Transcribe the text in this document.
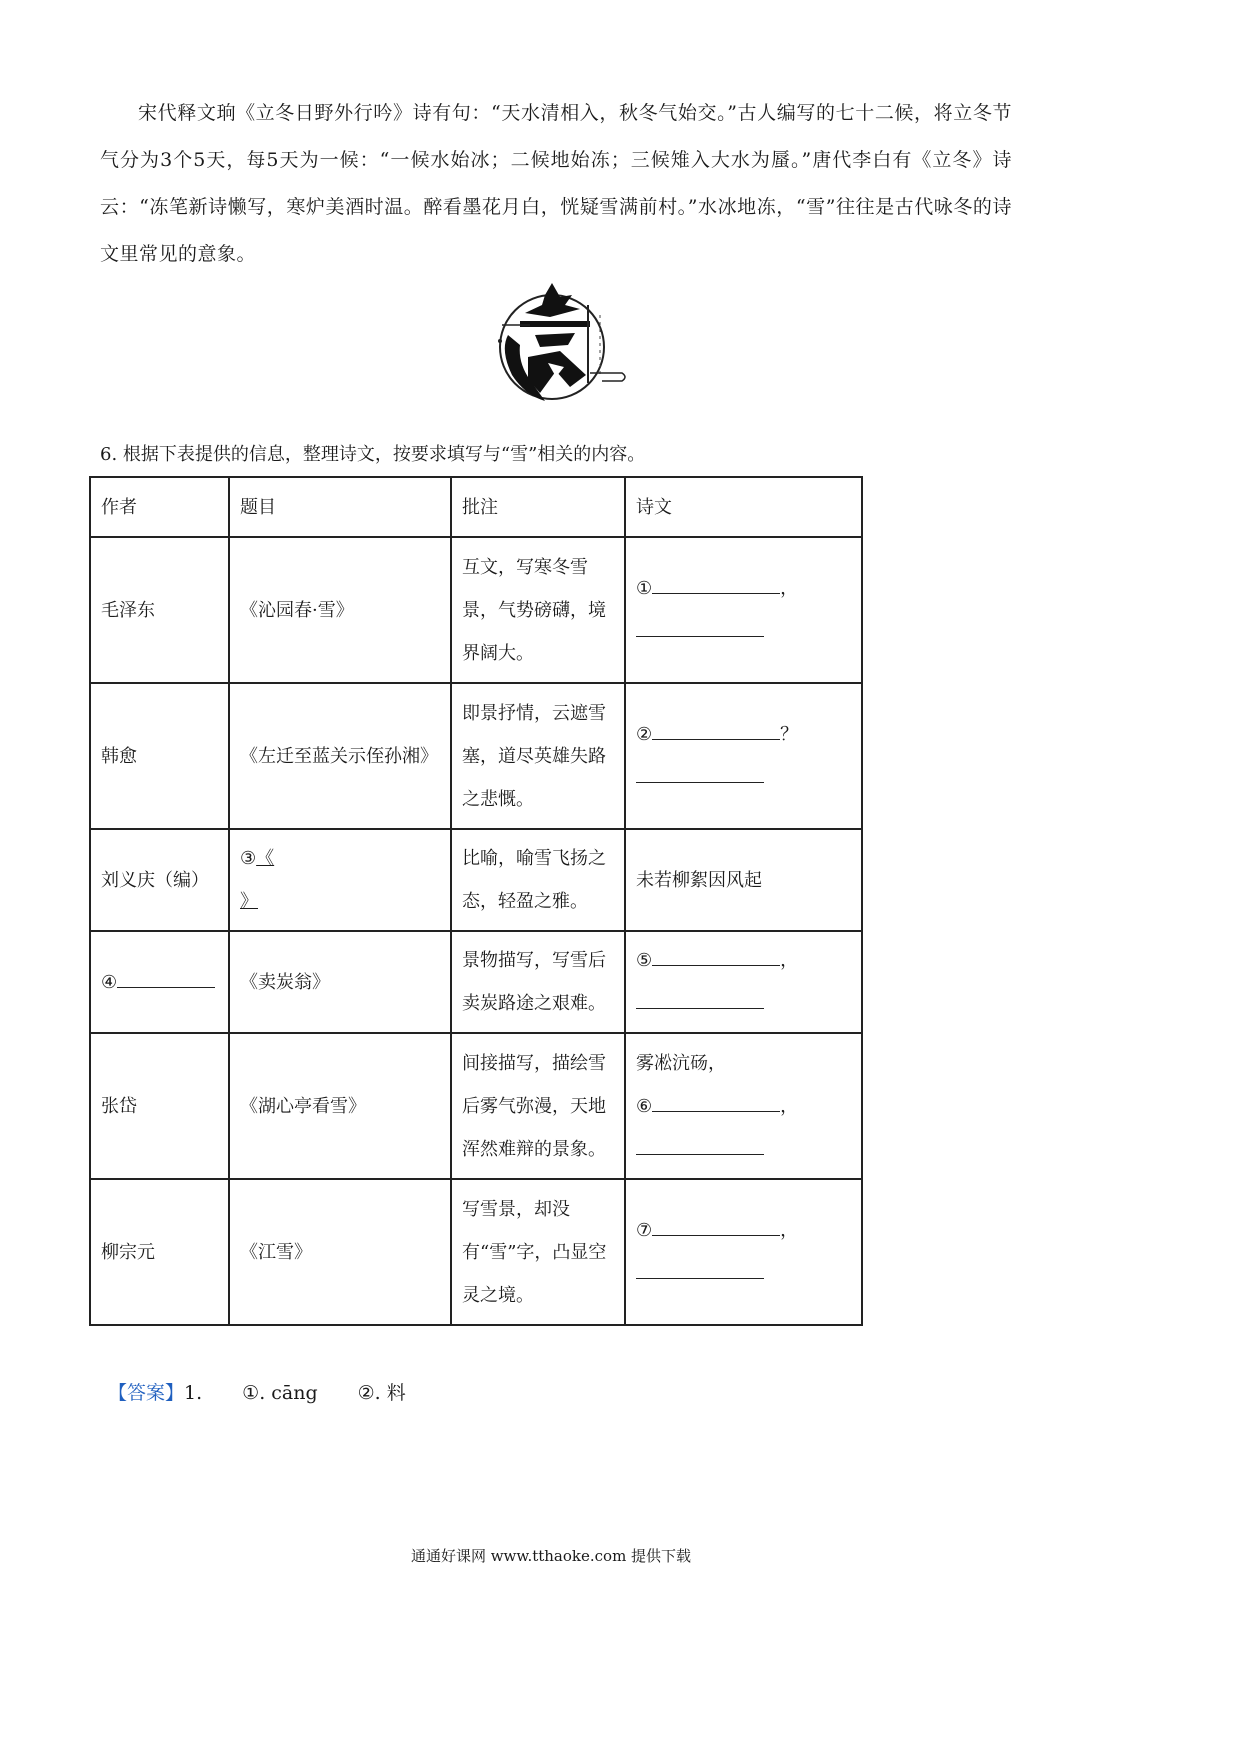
宋代释文珦《立冬日野外行吟》诗有句：“天水清相入，秋冬气始交。”古人编写的七十二候，将立冬节气分为3个5天，每5天为一候：“一候水始冰；二候地始冻；三候雉入大水为蜃。”唐代李白有《立冬》诗云：“冻笔新诗懒写，寒炉美酒时温。醉看墨花月白，恍疑雪满前村。”水冰地冻，“雪”往往是古代咏冬的诗文里常见的意象。

立冬

6. 根据下表提供的信息，整理诗文，按要求填写与“雪”相关的内容。

作者	题目	批注	诗文
毛泽东	《沁园春·雪》	互文，写寒冬雪景，气势磅礴，境界阔大。	① ，

韩愈	《左迁至蓝关示侄孙湘》	即景抒情，云遮雪塞，道尽英雄失路之悲慨。	② ？

刘义庆（编）	③《》	比喻，喻雪飞扬之态，轻盈之雅。	未若柳絮因风起
④	《卖炭翁》	景物描写，写雪后卖炭路途之艰难。	⑤ ，

张岱	《湖心亭看雪》	间接描写，描绘雪后雾气弥漫，天地浑然难辩的景象。	雾凇沆砀，
⑥ ，

柳宗元	《江雪》	写雪景，却没有“雪”字，凸显空灵之境。	⑦ ，

【答案】1. ①. cāng ②. 料

通通好课网 www.tthaoke.com 提供下载
